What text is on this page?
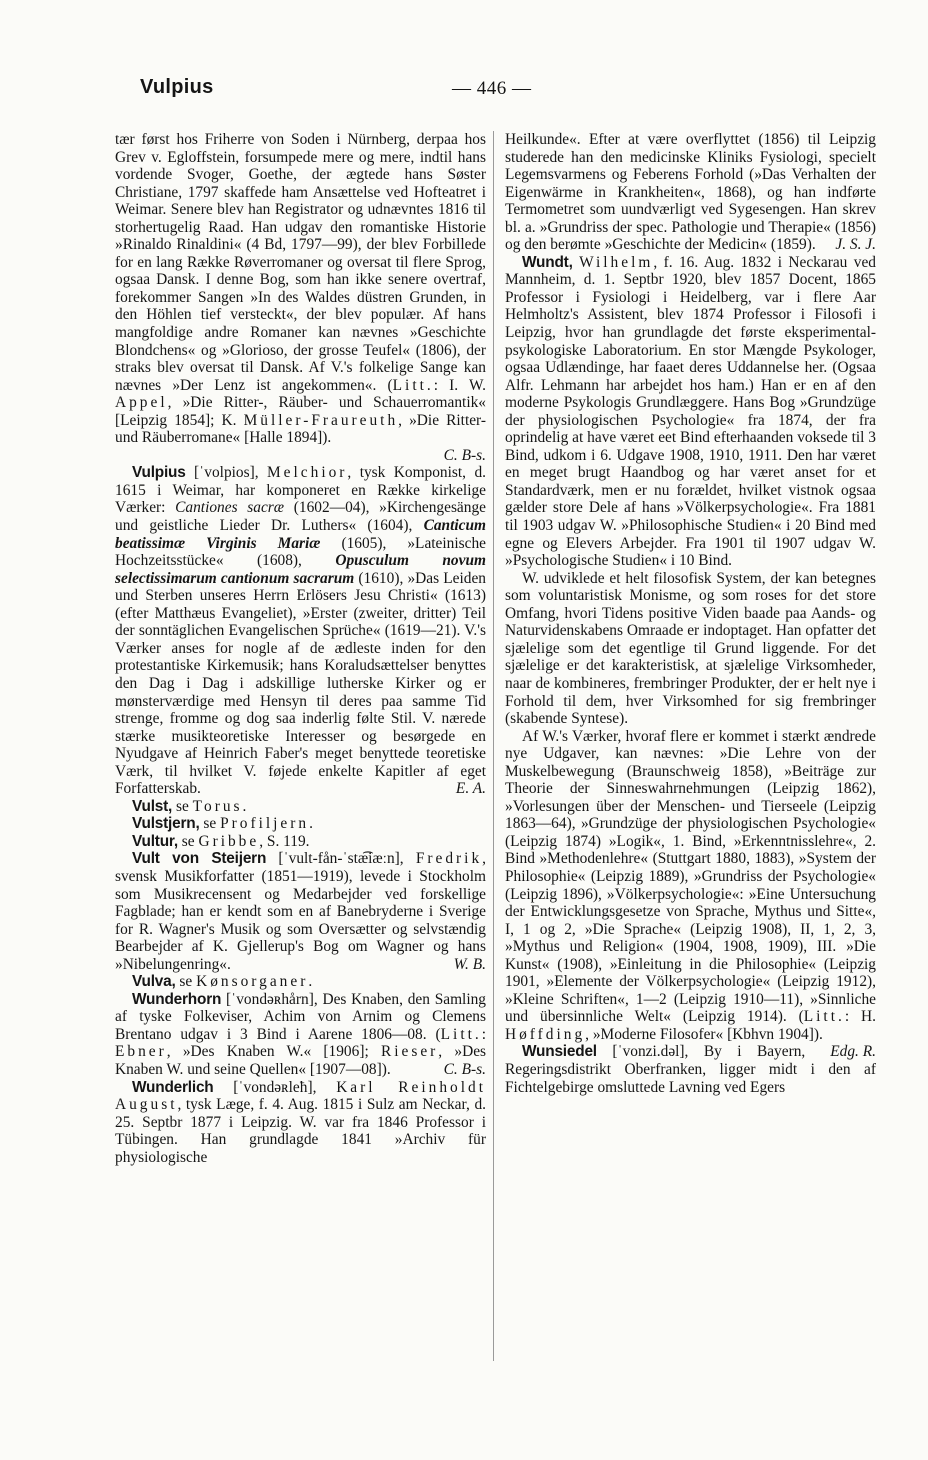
Vulpius	— 446 —

tær først hos Friherre von Soden i Nürnberg, derpaa hos Grev v. Egloffstein, forsumpede mere og mere, indtil hans vordende Svoger, Goethe, der ægtede hans Søster Christiane, 1797 skaffede ham Ansættelse ved Hofteatret i Weimar. Senere blev han Registrator og udnævntes 1816 til storhertugelig Raad. Han udgav den romantiske Historie »Rinaldo Rinaldini« (4 Bd, 1797—99), der blev Forbillede for en lang Række Røverromaner og oversat til flere Sprog, ogsaa Dansk. I denne Bog, som han ikke senere overtraf, forekommer Sangen »In des Waldes düstren Grunden, in den Höhlen tief versteckt«, der blev populær. Af hans mangfoldige andre Romaner kan nævnes »Geschichte Blondchens« og »Glorioso, der grosse Teufel« (1806), der straks blev oversat til Dansk. Af V.'s folkelige Sange kan nævnes »Der Lenz ist angekommen«. (Litt.: I. W. Appel, »Die Ritter-, Räuber- und Schauerromantik« [Leipzig 1854]; K. Müller-Fraureuth, »Die Ritter- und Räuberromane« [Halle 1894]).

C. B-s.

Vulpius [ˈvolpios], Melchior, tysk Komponist, d. 1615 i Weimar, har komponeret en Række kirkelige Værker: Cantiones sacræ (1602—04), »Kirchengesänge und geistliche Lieder Dr. Luthers« (1604), Canticum beatissimæ Virginis Mariæ (1605), »Lateinische Hochzeitsstücke« (1608), Opusculum novum selectissimarum cantionum sacrarum (1610), »Das Leiden und Sterben unseres Herrn Erlösers Jesu Christi« (1613) (efter Matthæus Evangeliet), »Erster (zweiter, dritter) Teil der sonntäglichen Evangelischen Sprüche« (1619—21). V.'s Værker anses for nogle af de ædleste inden for den protestantiske Kirkemusik; hans Koraludsættelser benyttes den Dag i Dag i adskillige lutherske Kirker og er mønsterværdige med Hensyn til deres paa samme Tid strenge, fromme og dog saa inderlig følte Stil. V. nærede stærke musikteoretiske Interesser og besørgede en Nyudgave af Heinrich Faber's meget benyttede teoretiske Værk, til hvilket V. føjede enkelte Kapitler af eget Forfatterskab.	E. A.

Vulst, se Torus.

Vulstjern, se Profiljern.

Vultur, se Gribbe, S. 119.

Vult von Steijern [ˈvult-fån-ˈstæ͡iæːn], Fredrik, svensk Musikforfatter (1851—1919), levede i Stockholm som Musikrecensent og Medarbejder ved forskellige Fagblade; han er kendt som en af Banebryderne i Sverige for R. Wagner's Musik og som Oversætter og selvstændig Bearbejder af K. Gjellerup's Bog om Wagner og hans »Nibelungenring«.	W. B.

Vulva, se Kønsorganer.

Wunderhorn [ˈvondəʀhårn], Des Knaben, den Samling af tyske Folkeviser, Achim von Arnim og Clemens Brentano udgav i 3 Bind i Aarene 1806—08. (Litt.: Ebner, »Des Knaben W.« [1906]; Rieser, »Des Knaben W. und seine Quellen« [1907—08]).	C. B-s.

Wunderlich [ˈvondəʀleħ], Karl Reinholdt August, tysk Læge, f. 4. Aug. 1815 i Sulz am Neckar, d. 25. Septbr 1877 i Leipzig. W. var fra 1846 Professor i Tübingen. Han grundlagde 1841 »Archiv für physiologische

Heilkunde«. Efter at være overflyttet (1856) til Leipzig studerede han den medicinske Kliniks Fysiologi, specielt Legemsvarmens og Feberens Forhold (»Das Verhalten der Eigenwärme in Krankheiten«, 1868), og han indførte Termometret som uundværligt ved Sygesengen. Han skrev bl. a. »Grundriss der spec. Pathologie und Therapie« (1856) og den berømte »Geschichte der Medicin« (1859).	J. S. J.

Wundt, Wilhelm, f. 16. Aug. 1832 i Neckarau ved Mannheim, d. 1. Septbr 1920, blev 1857 Docent, 1865 Professor i Fysiologi i Heidelberg, var i flere Aar Helmholtz's Assistent, blev 1874 Professor i Filosofi i Leipzig, hvor han grundlagde det første eksperimental-psykologiske Laboratorium. En stor Mængde Psykologer, ogsaa Udlændinge, har faaet deres Uddannelse her. (Ogsaa Alfr. Lehmann har arbejdet hos ham.) Han er en af den moderne Psykologis Grundlæggere. Hans Bog »Grundzüge der physiologischen Psychologie« fra 1874, der fra oprindelig at have været eet Bind efterhaanden voksede til 3 Bind, udkom i 6. Udgave 1908, 1910, 1911. Den har været en meget brugt Haandbog og har været anset for et Standardværk, men er nu forældet, hvilket vistnok ogsaa gælder store Dele af hans »Völkerpsychologie«. Fra 1881 til 1903 udgav W. »Philosophische Studien« i 20 Bind med egne og Elevers Arbejder. Fra 1901 til 1907 udgav W. »Psychologische Studien« i 10 Bind.

W. udviklede et helt filosofisk System, der kan betegnes som voluntaristisk Monisme, og som roses for det store Omfang, hvori Tidens positive Viden baade paa Aands- og Naturvidenskabens Omraade er indoptaget. Han opfatter det sjælelige som det egentlige til Grund liggende. For det sjælelige er det karakteristisk, at sjælelige Virksomheder, naar de kombineres, frembringer Produkter, der er helt nye i Forhold til dem, hver Virksomhed for sig frembringer (skabende Syntese).

Af W.'s Værker, hvoraf flere er kommet i stærkt ændrede nye Udgaver, kan nævnes: »Die Lehre von der Muskelbewegung (Braunschweig 1858), »Beiträge zur Theorie der Sinneswahrnehmungen (Leipzig 1862), »Vorlesungen über der Menschen- und Tierseele (Leipzig 1863—64), »Grundzüge der physiologischen Psychologie« (Leipzig 1874) »Logik«, 1. Bind, »Erkenntnisslehre«, 2. Bind »Methodenlehre« (Stuttgart 1880, 1883), »System der Philosophie« (Leipzig 1889), »Grundriss der Psychologie« (Leipzig 1896), »Völkerpsychologie«: »Eine Untersuchung der Entwicklungsgesetze von Sprache, Mythus und Sitte«, I, 1 og 2, »Die Sprache« (Leipzig 1908), II, 1, 2, 3, »Mythus und Religion« (1904, 1908, 1909), III. »Die Kunst« (1908), »Einleitung in die Philosophie« (Leipzig 1901, »Elemente der Völkerpsychologie« (Leipzig 1912), »Kleine Schriften«, 1—2 (Leipzig 1910—11), »Sinnliche und übersinnliche Welt« (Leipzig 1914). (Litt.: H. Høffding, »Moderne Filosofer« [Kbhvn 1904]).
Edg. R.

Wunsiedel [ˈvonzi.dəl], By i Bayern, Regeringsdistrikt Oberfranken, ligger midt i den af Fichtelgebirge omsluttede Lavning ved Egers
